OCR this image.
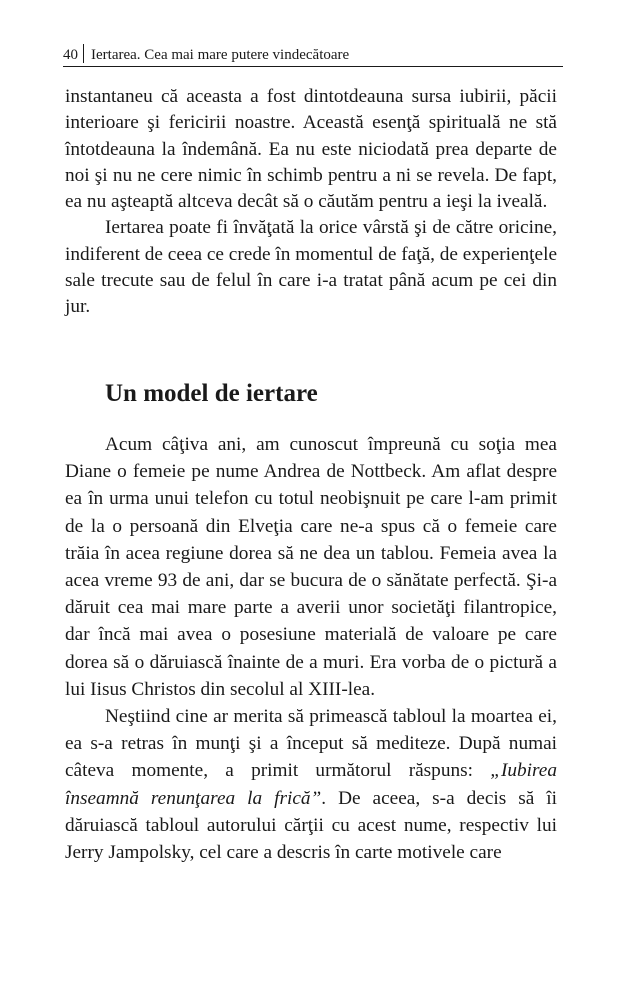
40 Iertarea. Cea mai mare putere vindecătoare

instantaneu că aceasta a fost dintotdeauna sursa iubirii, păcii interioare şi fericirii noastre. Această esenţă spirituală ne stă întotdeauna la îndemână. Ea nu este niciodată prea departe de noi şi nu ne cere nimic în schimb pentru a ni se revela. De fapt, ea nu aşteaptă altceva decât să o căutăm pentru a ieşi la iveală.

Iertarea poate fi învăţată la orice vârstă şi de către oricine, indiferent de ceea ce crede în momentul de faţă, de experienţele sale trecute sau de felul în care i-a tratat până acum pe cei din jur.

Un model de iertare

Acum câţiva ani, am cunoscut împreună cu soţia mea Diane o femeie pe nume Andrea de Nottbeck. Am aflat despre ea în urma unui telefon cu totul neobişnuit pe care l-am primit de la o persoană din Elveţia care ne-a spus că o femeie care trăia în acea regiune dorea să ne dea un tablou. Femeia avea la acea vreme 93 de ani, dar se bucura de o sănătate perfectă. Şi-a dăruit cea mai mare parte a averii unor societăţi filantropice, dar încă mai avea o posesiune materială de valoare pe care dorea să o dăruiască înainte de a muri. Era vorba de o pictură a lui Iisus Christos din secolul al XIII-lea.

Neştiind cine ar merita să primească tabloul la moartea ei, ea s-a retras în munţi şi a început să mediteze. După numai câteva momente, a primit următorul răspuns: „Iubirea înseamnă renunţarea la frică”. De aceea, s-a decis să îi dăruiască tabloul autorului cărţii cu acest nume, respectiv lui Jerry Jampolsky, cel care a descris în carte motivele care
